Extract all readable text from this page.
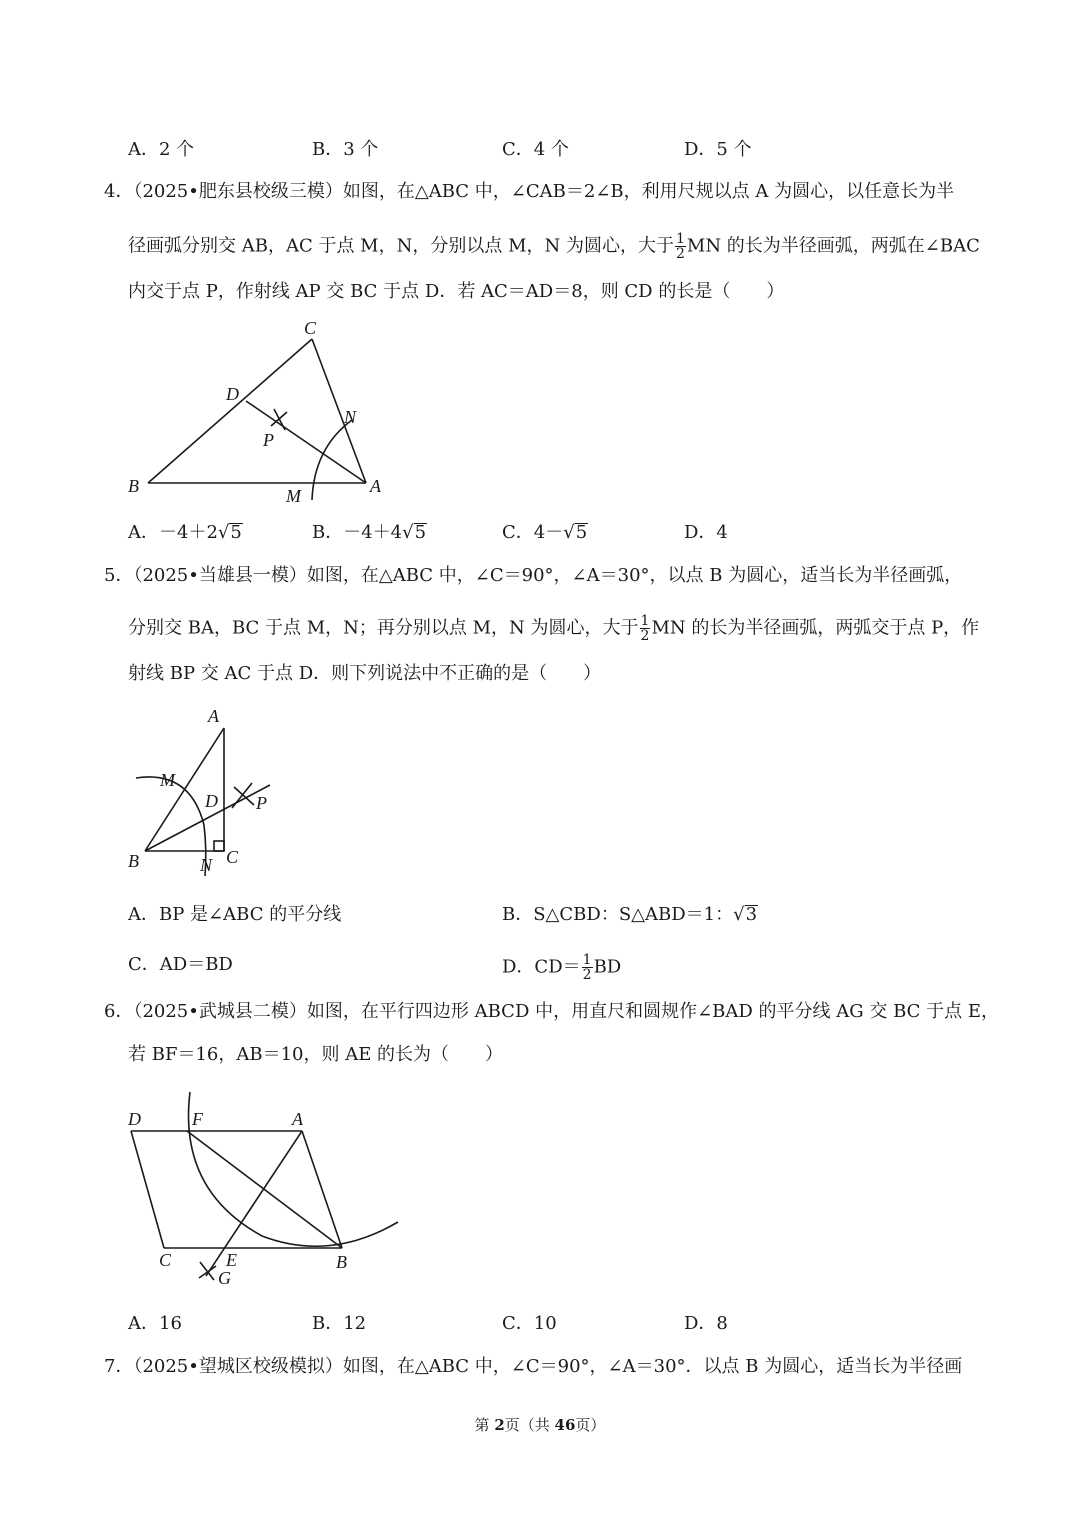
A．2 个	B．3 个	C．4 个	D．5 个
4．（2025•肥东县校级三模）如图，在△ABC 中，∠CAB＝2∠B，利用尺规以点 A 为圆心，以任意长为半
径画弧分别交 AB，AC 于点 M，N，分别以点 M，N 为圆心，大于 $\frac{1}{2}$ MN 的长为半径画弧，两弧在∠BAC
内交于点 P，作射线 AP 交 BC 于点 D．若 AC＝AD＝8，则 CD 的长是（　　）
C
D
N
P
B	M	A
A．－4＋2√5	B．－4＋4√5	C．4－√5	D．4
5．（2025•当雄县一模）如图，在△ABC 中，∠C＝90°，∠A＝30°，以点 B 为圆心，适当长为半径画弧，
分别交 BA，BC 于点 M，N；再分别以点 M，N 为圆心，大于 $\frac{1}{2}$ MN 的长为半径画弧，两弧交于点 P，作
射线 BP 交 AC 于点 D．则下列说法中不正确的是（　　）
A
M
D P
B	N C
A．BP 是∠ABC 的平分线	B．S△CBD：S△ABD＝1：√3
C．AD＝BD	D．$CD= \frac{1}{2}$ BD
6．（2025•武城县二模）如图，在平行四边形 ABCD 中，用直尺和圆规作∠BAD 的平分线 AG 交 BC 于点 E，
若 BF＝16，AB＝10，则 AE 的长为（　　）
D	F	A
C	E	B
G
A．16	B．12	C．10	D．8
7．（2025•望城区校级模拟）如图，在△ABC 中，∠C＝90°，∠A＝30°．以点 B 为圆心，适当长为半径画
第 2页（共 46页）
